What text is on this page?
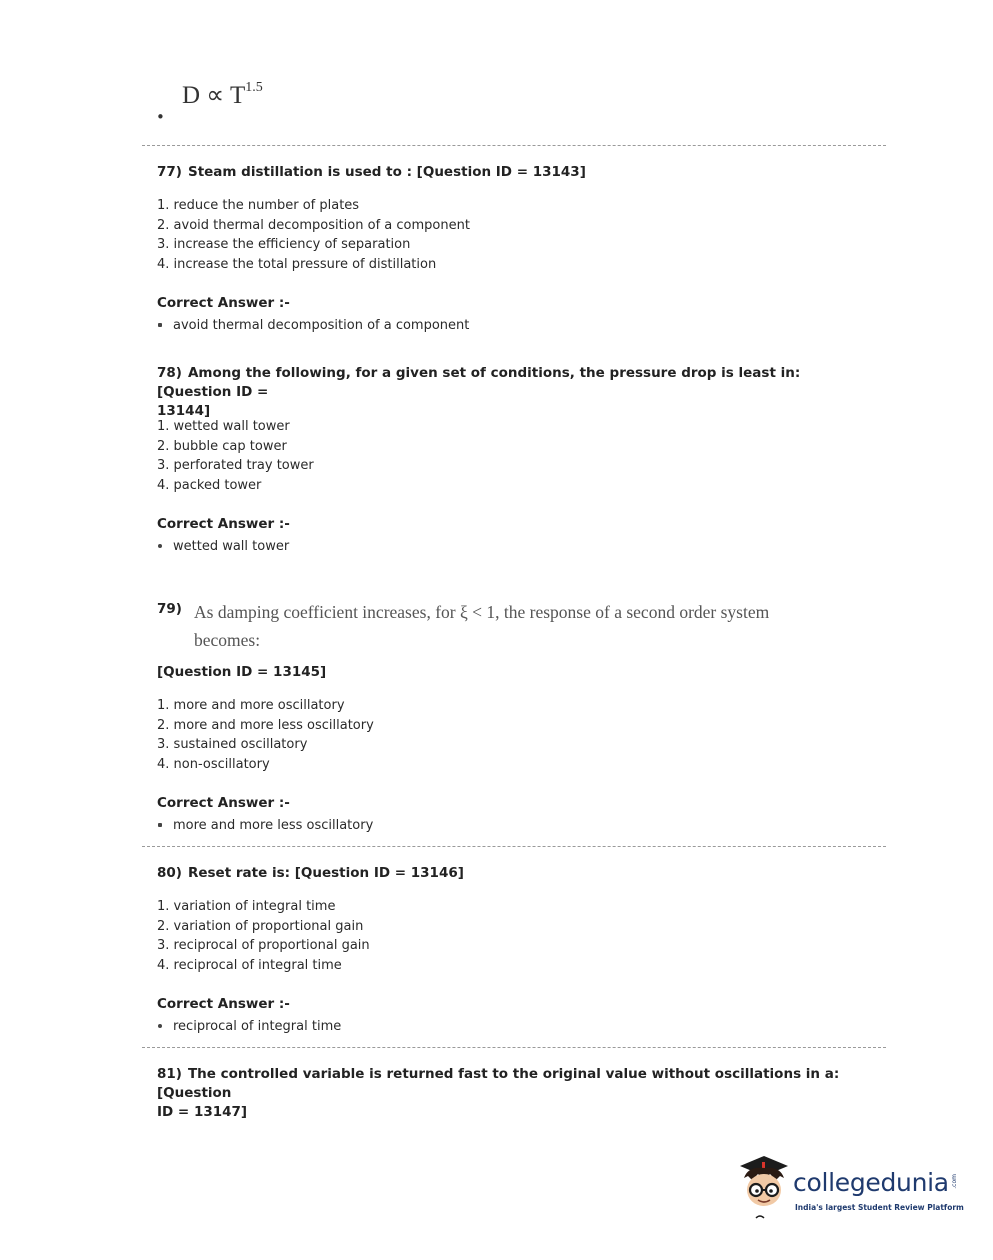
$D \propto T^{1.5}$
•

77) Steam distillation is used to : [Question ID = 13143]

1. reduce the number of plates
2. avoid thermal decomposition of a component
3. increase the efficiency of separation
4. increase the total pressure of distillation
Correct Answer :-
avoid thermal decomposition of a component

78) Among the following, for a given set of conditions, the pressure drop is least in: [Question ID =
13144]

1. wetted wall tower
2. bubble cap tower
3. perforated tray tower
4. packed tower
Correct Answer :-
wetted wall tower
79) As damping coefficient increases, for ξ < 1, the response of a second order system
becomes:
[Question ID = 13145]
1. more and more oscillatory
2. more and more less oscillatory
3. sustained oscillatory
4. non-oscillatory
Correct Answer :-
more and more less oscillatory

80) Reset rate is: [Question ID = 13146]

1. variation of integral time
2. variation of proportional gain
3. reciprocal of proportional gain
4. reciprocal of integral time
Correct Answer :-
reciprocal of integral time

81) The controlled variable is returned fast to the original value without oscillations in a: [Question
ID = 13147]

collegedunia .com
India's largest Student Review Platform
